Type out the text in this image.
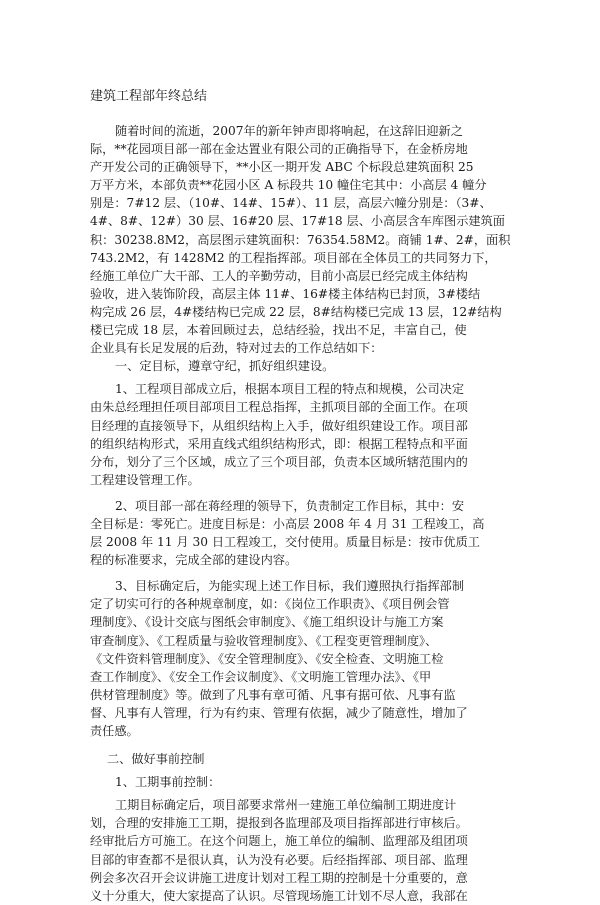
建筑工程部年终总结
随着时间的流逝，2007年的新年钟声即将响起，在这辞旧迎新之
际，**花园项目部一部在金达置业有限公司的正确指导下，在金桥房地
产开发公司的正确领导下，**小区一期开发 ABC 个标段总建筑面积 25
万平方米，本部负责**花园小区 A 标段共 10 幢住宅其中：小高层 4 幢分
别是：7#12 层、（10#、14#、15#）、11 层，高层六幢分别是：（3#、
4#、8#、12#）30 层、16#20 层、17#18 层、小高层含车库图示建筑面
积：30238.8M2，高层图示建筑面积：76354.58M2。商铺 1#、2#，面积
743.2M2，有 1428M2 的工程指挥部。项目部在全体员工的共同努力下，
经施工单位广大干部、工人的辛勤劳动，目前小高层已经完成主体结构
验收，进入装饰阶段，高层主体 11#、16#楼主体结构已封顶，3#楼结
构完成 26 层，4#楼结构已完成 22 层，8#结构楼已完成 13 层，12#结构
楼已完成 18 层，本着回顾过去，总结经验，找出不足，丰富自己，使
企业具有长足发展的后劲，特对过去的工作总结如下：
一、定目标，遵章守纪，抓好组织建设。
1、工程项目部成立后，根据本项目工程的特点和规模，公司决定
由朱总经理担任项目部项目工程总指挥，主抓项目部的全面工作。在项
目经理的直接领导下，从组织结构上入手，做好组织建设工作。项目部
的组织结构形式，采用直线式组织结构形式，即：根据工程特点和平面
分布，划分了三个区域，成立了三个项目部，负责本区域所辖范围内的
工程建设管理工作。
2、项目部一部在蒋经理的领导下，负责制定工作目标，其中：安
全目标是：零死亡。进度目标是：小高层 2008 年 4 月 31 工程竣工，高
层 2008 年 11 月 30 日工程竣工，交付使用。质量目标是：按市优质工
程的标准要求，完成全部的建设内容。
3、目标确定后，为能实现上述工作目标，我们遵照执行指挥部制
定了切实可行的各种规章制度，如：《岗位工作职责》、《项目例会管
理制度》、《设计交底与图纸会审制度》、《施工组织设计与施工方案
审查制度》、《工程质量与验收管理制度》、《工程变更管理制度》、
《文件资料管理制度》、《安全管理制度》、《安全检查、文明施工检
查工作制度》、《安全工作会议制度》、《文明施工管理办法》、《甲
供材管理制度》等。做到了凡事有章可循、凡事有据可依、凡事有监
督、凡事有人管理，行为有约束、管理有依据，减少了随意性，增加了
责任感。
二、做好事前控制
1、工期事前控制：
工期目标确定后，项目部要求常州一建施工单位编制工期进度计
划，合理的安排施工工期，提报到各监理部及项目指挥部进行审核后。
经审批后方可施工。在这个问题上，施工单位的编制、监理部及组团项
目部的审查都不是很认真，认为没有必要。后经指挥部、项目部、监理
例会多次召开会议讲施工进度计划对工程工期的控制是十分重要的，意
义十分重大，使大家提高了认识。尽管现场施工计划不尽人意，我部在
